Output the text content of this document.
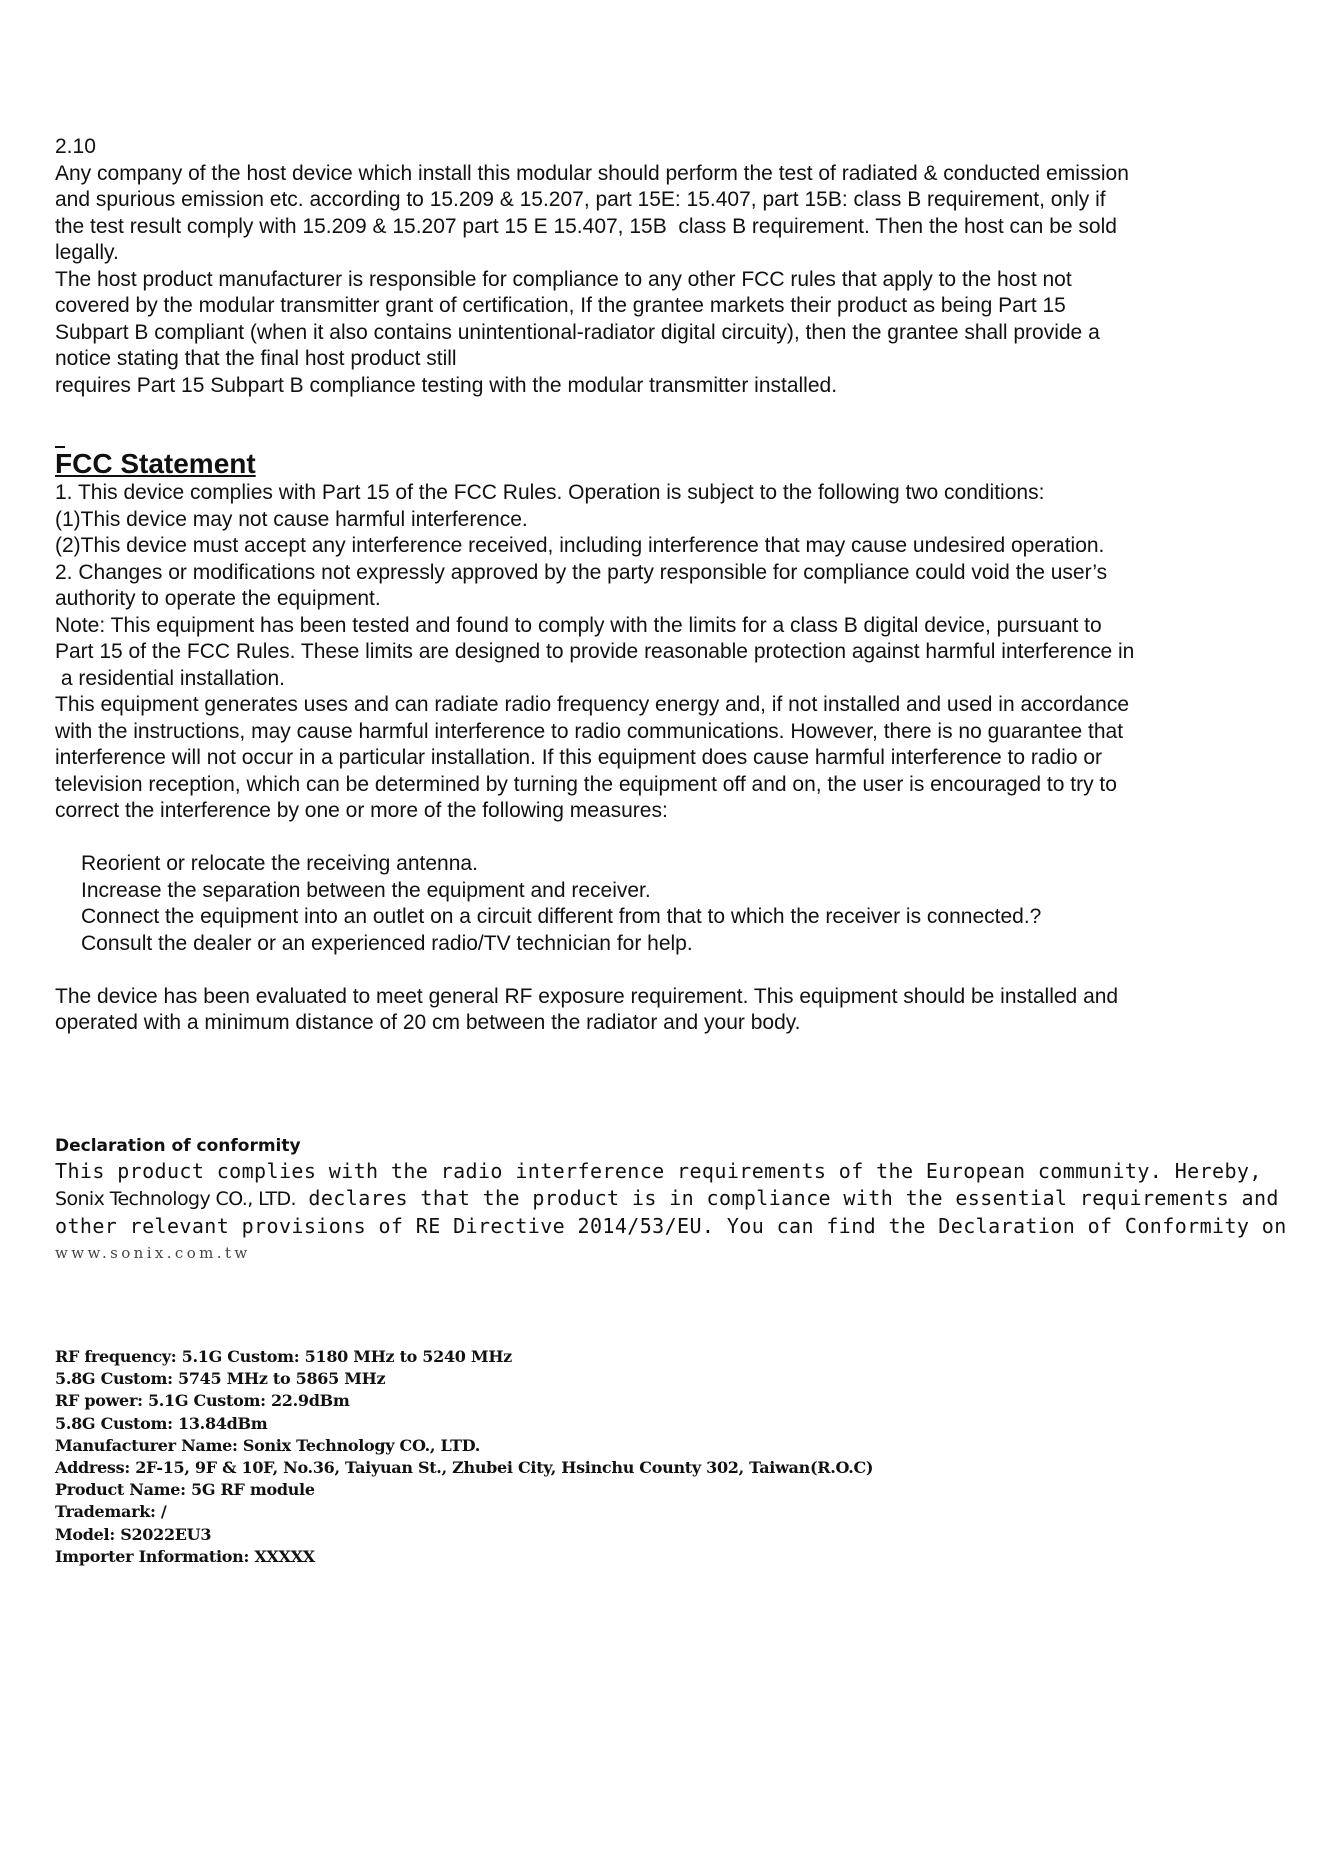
2.10
Any company of the host device which install this modular should perform the test of radiated & conducted emission
and spurious emission etc. according to 15.209 & 15.207, part 15E: 15.407, part 15B: class B requirement, only if
the test result comply with 15.209 & 15.207 part 15 E 15.407, 15B  class B requirement. Then the host can be sold
legally.
The host product manufacturer is responsible for compliance to any other FCC rules that apply to the host not
covered by the modular transmitter grant of certification, If the grantee markets their product as being Part 15
Subpart B compliant (when it also contains unintentional-radiator digital circuity), then the grantee shall provide a
notice stating that the final host product still
requires Part 15 Subpart B compliance testing with the modular transmitter installed.
FCC Statement
1. This device complies with Part 15 of the FCC Rules. Operation is subject to the following two conditions:
(1)This device may not cause harmful interference.
(2)This device must accept any interference received, including interference that may cause undesired operation.
2. Changes or modifications not expressly approved by the party responsible for compliance could void the user’s
authority to operate the equipment.
Note: This equipment has been tested and found to comply with the limits for a class B digital device, pursuant to
Part 15 of the FCC Rules. These limits are designed to provide reasonable protection against harmful interference in
a residential installation.
This equipment generates uses and can radiate radio frequency energy and, if not installed and used in accordance
with the instructions, may cause harmful interference to radio communications. However, there is no guarantee that
interference will not occur in a particular installation. If this equipment does cause harmful interference to radio or
television reception, which can be determined by turning the equipment off and on, the user is encouraged to try to
correct the interference by one or more of the following measures:
Reorient or relocate the receiving antenna.
Increase the separation between the equipment and receiver.
Connect the equipment into an outlet on a circuit different from that to which the receiver is connected.?
Consult the dealer or an experienced radio/TV technician for help.
The device has been evaluated to meet general RF exposure requirement. This equipment should be installed and
operated with a minimum distance of 20 cm between the radiator and your body.
Declaration of conformity
This product complies with the radio interference requirements of the European community. Hereby,
Sonix Technology CO., LTD. declares that the product is in compliance with the essential requirements and
other relevant provisions of RE Directive 2014/53/EU. You can find the Declaration of Conformity on
www.sonix.com.tw
RF frequency: 5.1G Custom: 5180 MHz to 5240 MHz
5.8G Custom: 5745 MHz to 5865 MHz
RF power: 5.1G Custom: 22.9dBm
5.8G Custom: 13.84dBm
Manufacturer Name: Sonix Technology CO., LTD.
Address: 2F-15, 9F & 10F, No.36, Taiyuan St., Zhubei City, Hsinchu County 302, Taiwan(R.O.C)
Product Name: 5G RF module
Trademark: /
Model: S2022EU3
Importer Information: XXXXX
